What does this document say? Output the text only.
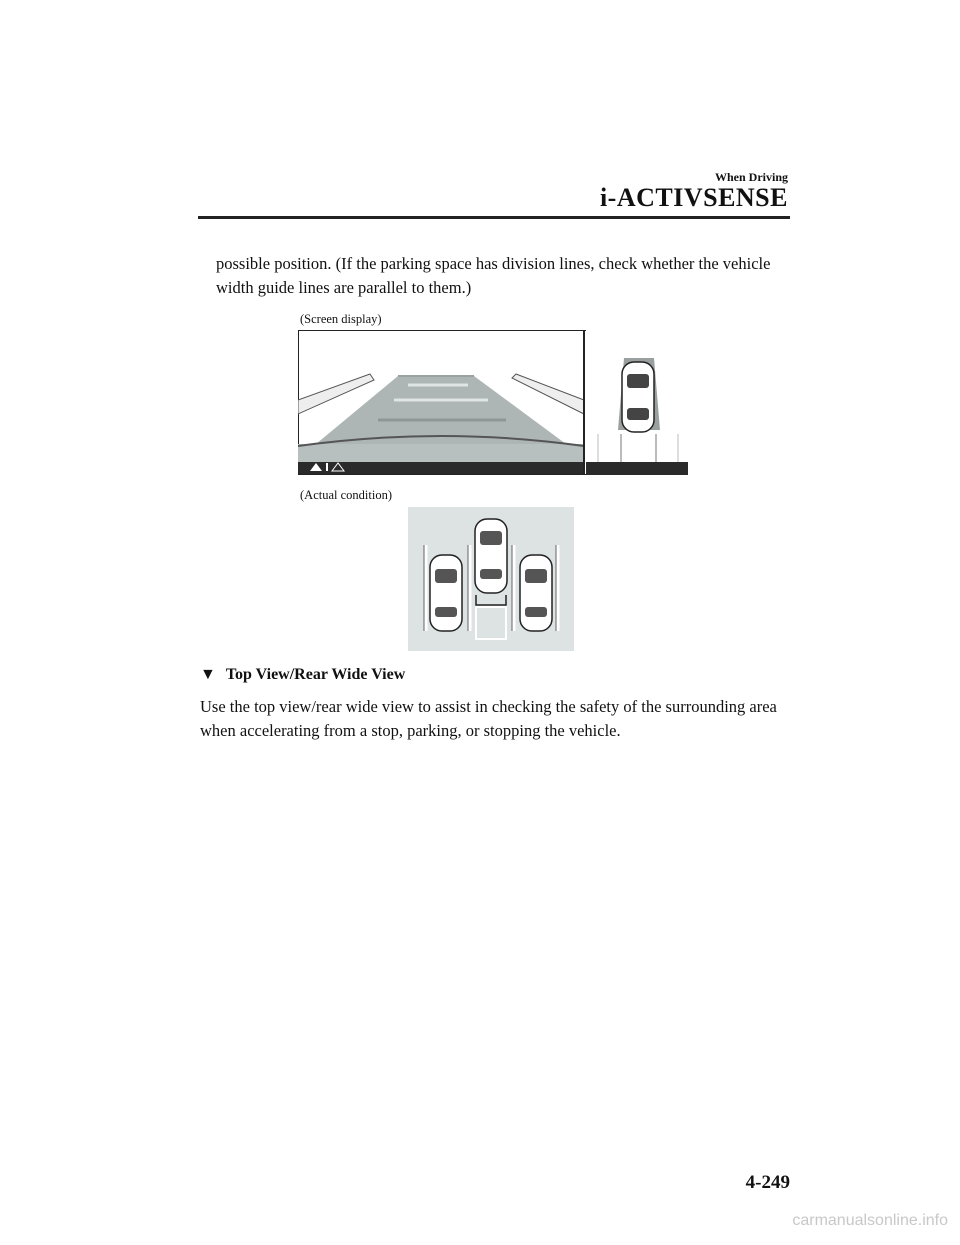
When Driving
i-ACTIVSENSE
possible position. (If the parking space has division lines, check whether the vehicle width guide lines are parallel to them.)
(Screen display)
(Actual condition)
▼ Top View/Rear Wide View
Use the top view/rear wide view to assist in checking the safety of the surrounding area when accelerating from a stop, parking, or stopping the vehicle.
4-249
carmanualsonline.info
